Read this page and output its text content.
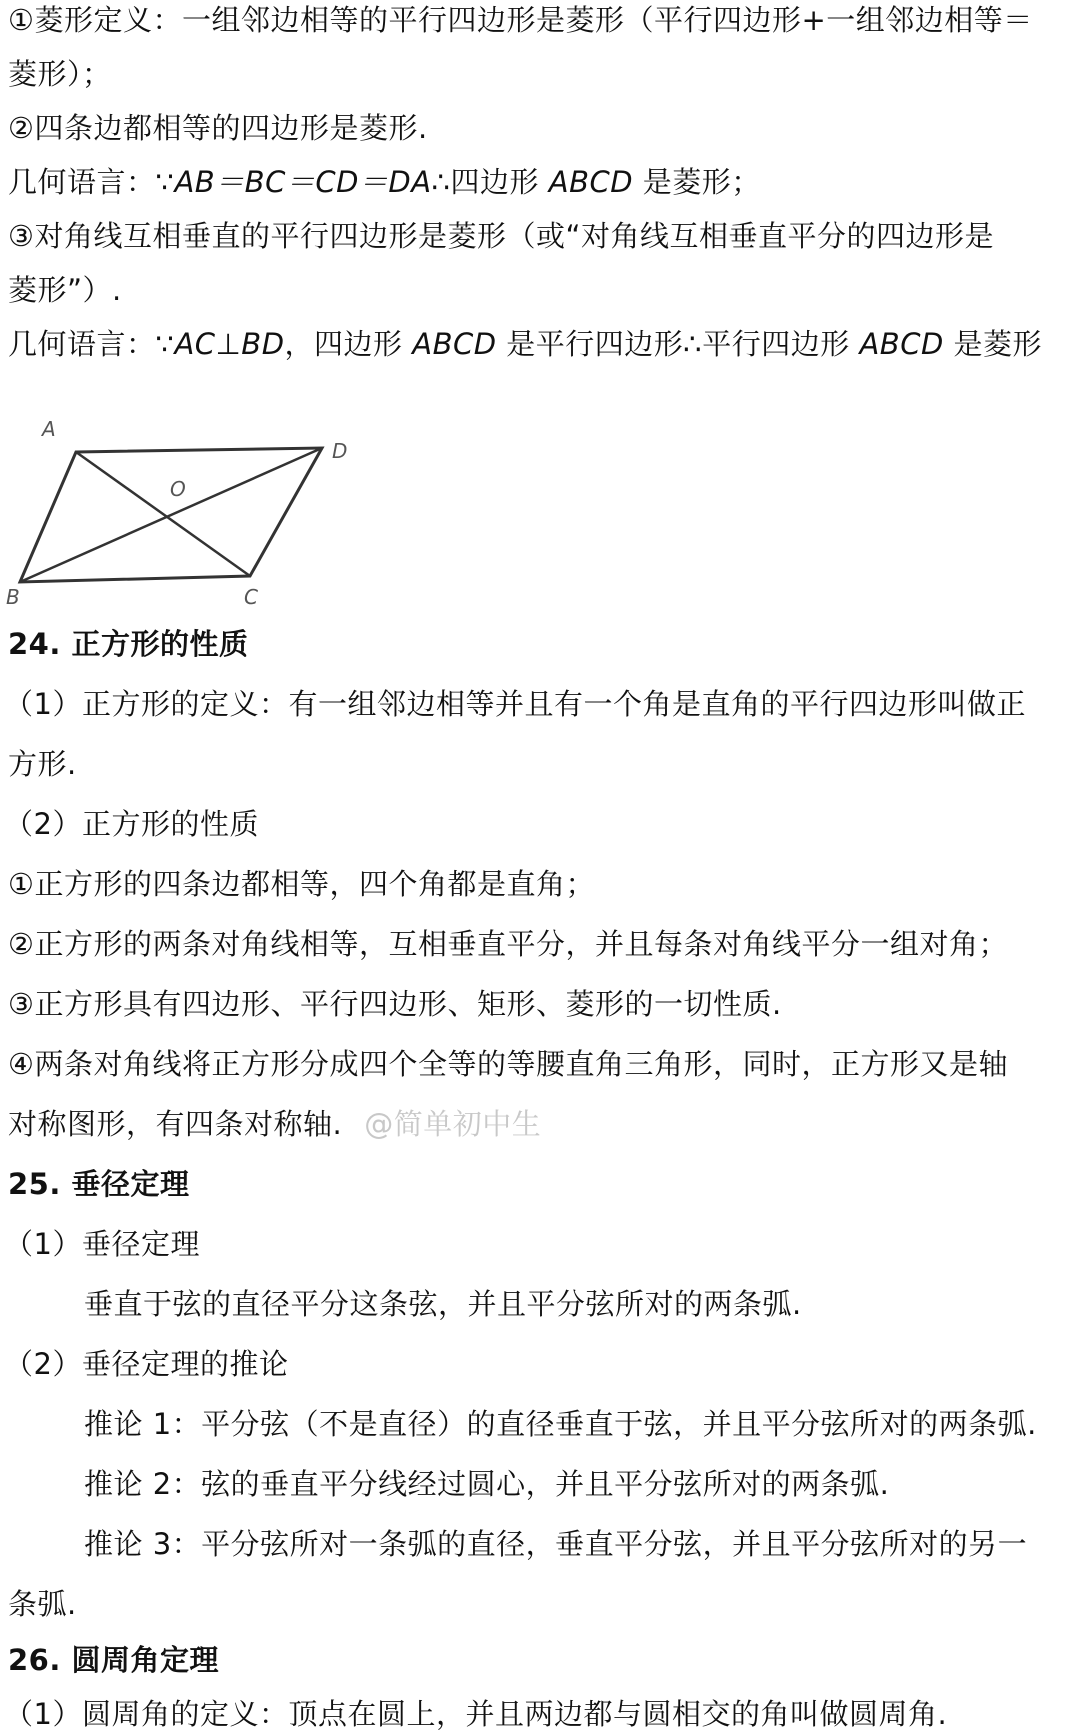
①菱形定义：一组邻边相等的平行四边形是菱形（平行四边形+一组邻边相等＝
菱形）；
②四条边都相等的四边形是菱形.
几何语言：∵AB＝BC＝CD＝DA∴四边形 ABCD 是菱形；
③对角线互相垂直的平行四边形是菱形（或“对角线互相垂直平分的四边形是
菱形”）.
几何语言：∵AC⊥BD，四边形 ABCD 是平行四边形∴平行四边形 ABCD 是菱形
A
D
O
B	C
24. 正方形的性质
（1）正方形的定义：有一组邻边相等并且有一个角是直角的平行四边形叫做正
方形.
（2）正方形的性质
①正方形的四条边都相等，四个角都是直角；
②正方形的两条对角线相等，互相垂直平分，并且每条对角线平分一组对角；
③正方形具有四边形、平行四边形、矩形、菱形的一切性质.
④两条对角线将正方形分成四个全等的等腰直角三角形，同时，正方形又是轴
对称图形，有四条对称轴. @简单初中生
25. 垂径定理
（1）垂径定理
垂直于弦的直径平分这条弦，并且平分弦所对的两条弧.
（2）垂径定理的推论
推论 1：平分弦（不是直径）的直径垂直于弦，并且平分弦所对的两条弧.
推论 2：弦的垂直平分线经过圆心，并且平分弦所对的两条弧.
推论 3：平分弦所对一条弧的直径，垂直平分弦，并且平分弦所对的另一
条弧.
26. 圆周角定理
（1）圆周角的定义：顶点在圆上，并且两边都与圆相交的角叫做圆周角.
